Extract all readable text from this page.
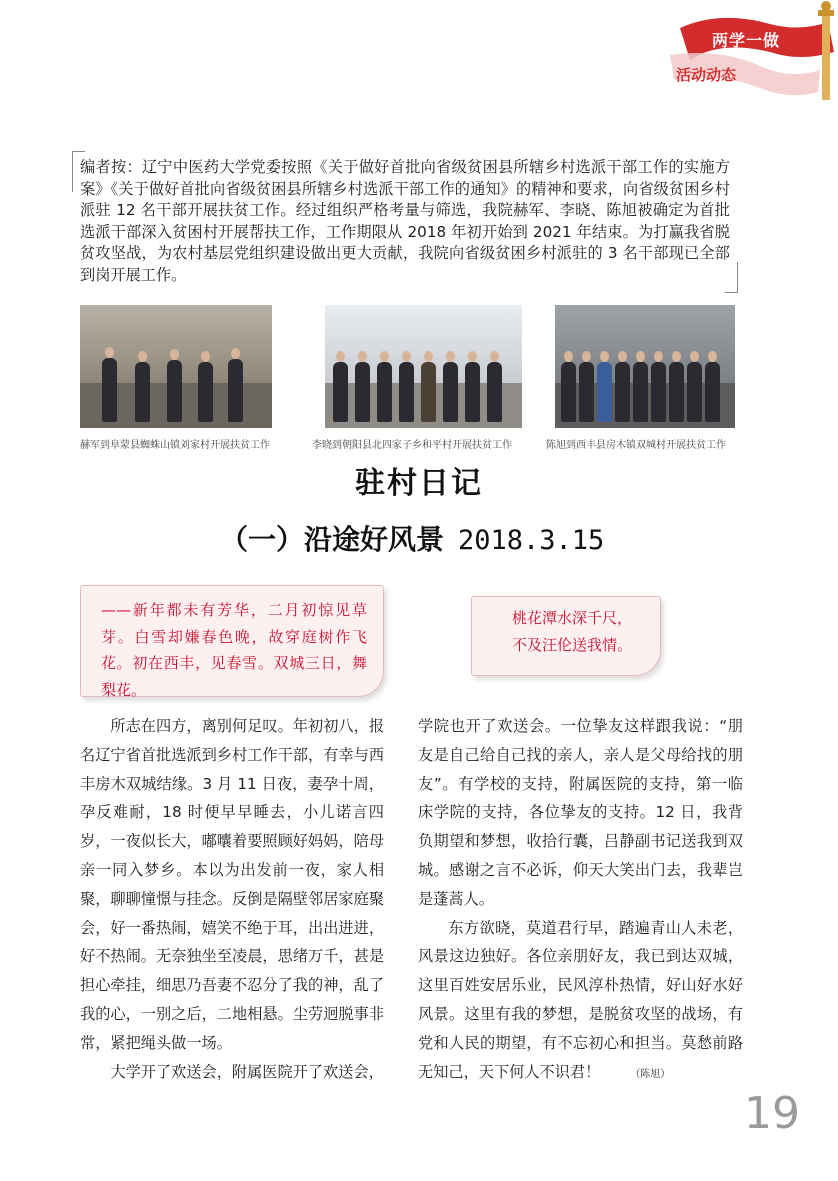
两学一做
活动动态
编者按：辽宁中医药大学党委按照《关于做好首批向省级贫困县所辖乡村选派干部工作的实施方案》《关于做好首批向省级贫困县所辖乡村选派干部工作的通知》的精神和要求，向省级贫困乡村派驻 12 名干部开展扶贫工作。经过组织严格考量与筛选，我院赫军、李晓、陈旭被确定为首批选派干部深入贫困村开展帮扶工作，工作期限从 2018 年初开始到 2021 年结束。为打赢我省脱贫攻坚战，为农村基层党组织建设做出更大贡献，我院向省级贫困乡村派驻的 3 名干部现已全部到岗开展工作。
赫军到阜蒙县蜘蛛山镇刘家村开展扶贫工作	李晓到朝阳县北四家子乡和平村开展扶贫工作	陈旭到西丰县房木镇双城村开展扶贫工作
驻村日记
（一）沿途好风景 2018.3.15
——新年都未有芳华，二月初惊见草芽。白雪却嫌春色晚，故穿庭树作飞花。初在西丰，见春雪。双城三日，舞梨花。
桃花潭水深千尺，
不及汪伦送我情。

所志在四方，离别何足叹。年初初八，报名辽宁省首批选派到乡村工作干部，有幸与西丰房木双城结缘。3 月 11 日夜，妻孕十周，孕反难耐，18 时便早早睡去，小儿诺言四岁，一夜似长大，嘟囔着要照顾好妈妈，陪母亲一同入梦乡。本以为出发前一夜，家人相聚，聊聊憧憬与挂念。反倒是隔壁邻居家庭聚会，好一番热闹，嬉笑不绝于耳，出出进进，好不热闹。无奈独坐至凌晨，思绪万千，甚是担心牵挂，细思乃吾妻不忍分了我的神，乱了我的心，一别之后，二地相悬。尘劳迥脱事非常，紧把绳头做一场。

大学开了欢送会，附属医院开了欢送会，

学院也开了欢送会。一位挚友这样跟我说：“朋友是自己给自己找的亲人，亲人是父母给找的朋友”。有学校的支持，附属医院的支持，第一临床学院的支持，各位挚友的支持。12 日，我背负期望和梦想，收拾行囊，吕静副书记送我到双城。感谢之言不必诉，仰天大笑出门去，我辈岂是蓬蒿人。

东方欲晓，莫道君行早，踏遍青山人未老，风景这边独好。各位亲朋好友，我已到达双城，这里百姓安居乐业，民风淳朴热情，好山好水好风景。这里有我的梦想，是脱贫攻坚的战场，有党和人民的期望，有不忘初心和担当。莫愁前路无知己，天下何人不识君！	（陈旭）

19
